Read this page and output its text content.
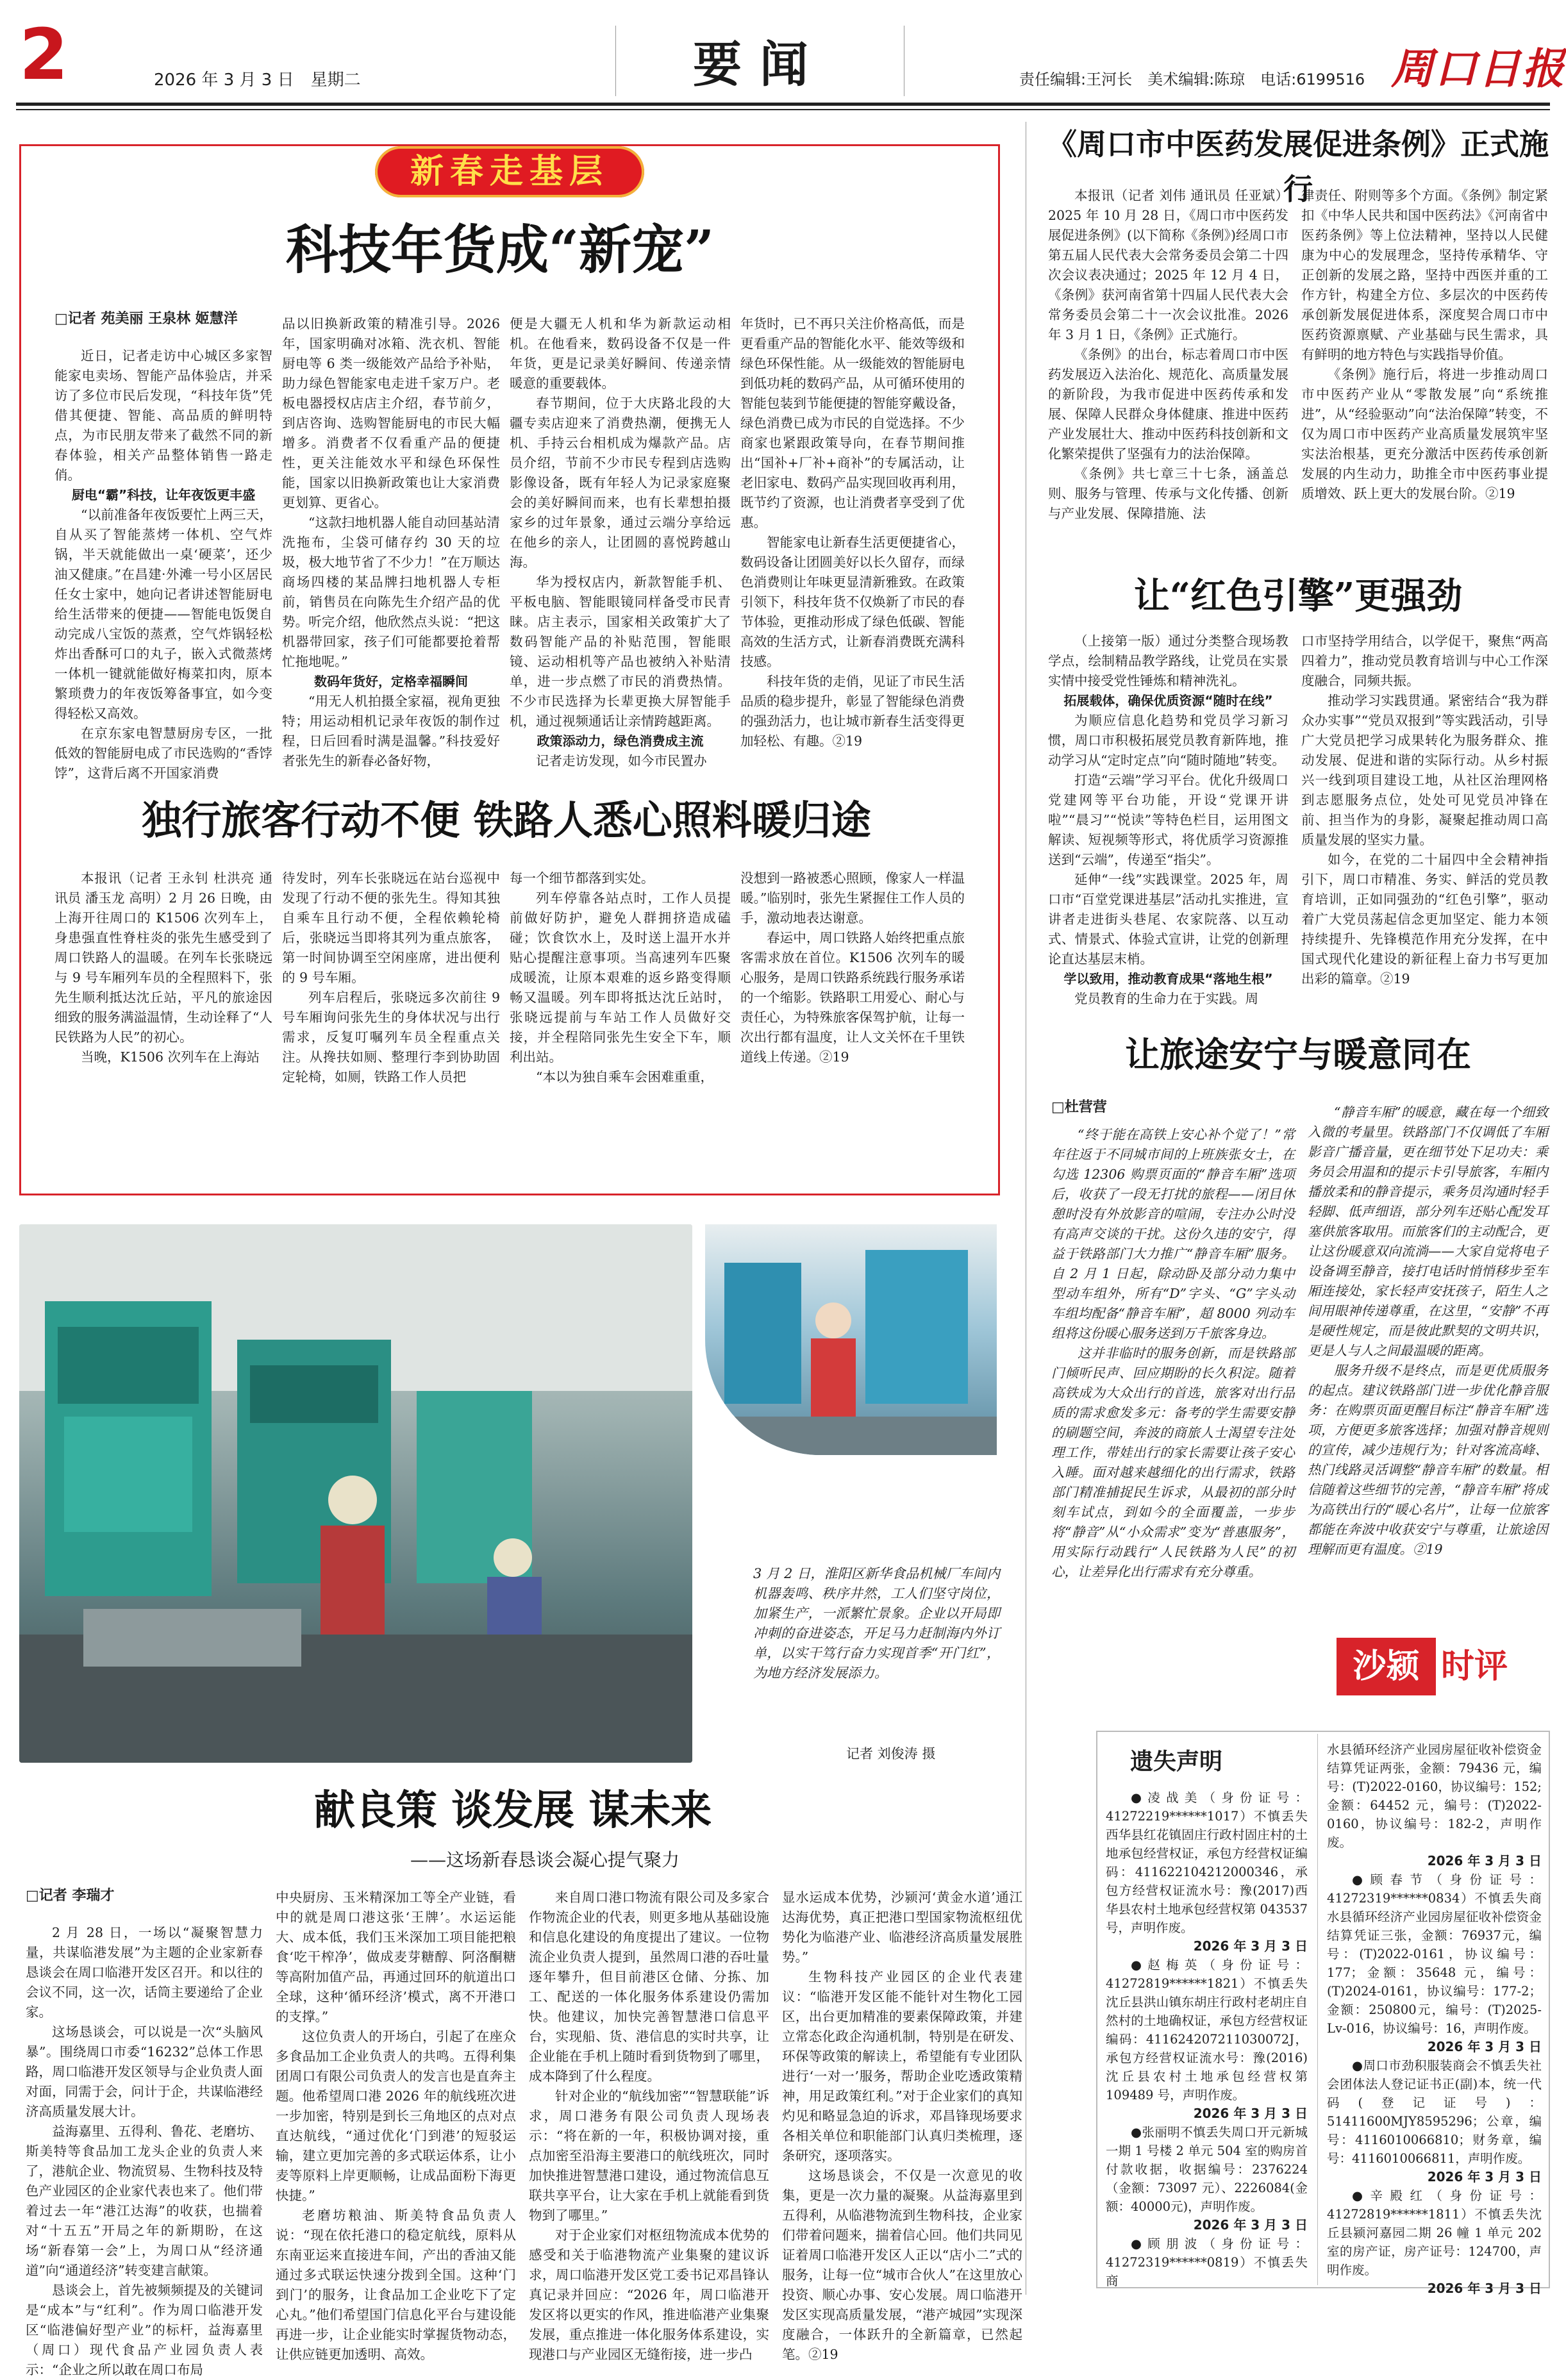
2	2026 年 3 月 3 日　星期二	要闻	责任编辑:王河长　美术编辑:陈琼　电话:6199516 周口日报
新春走基层
科技年货成“新宠”
□记者 苑美丽 王泉林 姬慧洋

近日，记者走访中心城区多家智能家电卖场、智能产品体验店，并采访了多位市民后发现，“科技年货”凭借其便捷、智能、高品质的鲜明特点，为市民朋友带来了截然不同的新春体验，相关产品整体销售一路走俏。

厨电“霸”科技，让年夜饭更丰盛

“以前准备年夜饭要忙上两三天，自从买了智能蒸烤一体机、空气炸锅，半天就能做出一桌‘硬菜’，还少油又健康。”在昌建·外滩一号小区居民任女士家中，她向记者讲述智能厨电给生活带来的便捷——智能电饭煲自动完成八宝饭的蒸煮，空气炸锅轻松炸出香酥可口的丸子，嵌入式微蒸烤一体机一键就能做好梅菜扣肉，原本繁琐费力的年夜饭筹备事宜，如今变得轻松又高效。

在京东家电智慧厨房专区，一批低效的智能厨电成了市民选购的“香饽饽”，这背后离不开国家消费

品以旧换新政策的精准引导。2026年，国家明确对冰箱、洗衣机、智能厨电等 6 类一级能效产品给予补贴，助力绿色智能家电走进千家万户。老板电器授权店店主介绍，春节前夕，到店咨询、选购智能厨电的市民大幅增多。消费者不仅看重产品的便捷性，更关注能效水平和绿色环保性能，国家以旧换新政策也让大家消费更划算、更省心。

“这款扫地机器人能自动回基站清洗拖布，尘袋可储存约 30 天的垃圾，极大地节省了不少力！”在万顺达商场四楼的某品牌扫地机器人专柜前，销售员在向陈先生介绍产品的优势。听完介绍，他欣然点头说：“把这机器带回家，孩子们可能都要抢着帮忙拖地呢。”

数码年货好，定格幸福瞬间

“用无人机拍摄全家福，视角更独特；用运动相机记录年夜饭的制作过程，日后回看时满是温馨。”科技爱好者张先生的新春必备好物，

便是大疆无人机和华为新款运动相机。在他看来，数码设备不仅是一件年货，更是记录美好瞬间、传递亲情暖意的重要载体。

春节期间，位于大庆路北段的大疆专卖店迎来了消费热潮，便携无人机、手持云台相机成为爆款产品。店员介绍，节前不少市民专程到店选购影像设备，既有年轻人为记录家庭聚会的美好瞬间而来，也有长辈想拍摄家乡的过年景象，通过云端分享给远在他乡的亲人，让团圆的喜悦跨越山海。

华为授权店内，新款智能手机、平板电脑、智能眼镜同样备受市民青睐。店主表示，国家相关政策扩大了数码智能产品的补贴范围，智能眼镜、运动相机等产品也被纳入补贴清单，进一步点燃了市民的消费热情。不少市民选择为长辈更换大屏智能手机，通过视频通话让亲情跨越距离。

政策添动力，绿色消费成主流

记者走访发现，如今市民置办

年货时，已不再只关注价格高低，而是更看重产品的智能化水平、能效等级和绿色环保性能。从一级能效的智能厨电到低功耗的数码产品，从可循环使用的智能包装到节能便捷的智能穿戴设备，绿色消费已成为市民的自觉选择。不少商家也紧跟政策导向，在春节期间推出“国补+厂补+商补”的专属活动，让老旧家电、数码产品实现回收再利用，既节约了资源，也让消费者享受到了优惠。

智能家电让新春生活更便捷省心，数码设备让团圆美好以长久留存，而绿色消费则让年味更显清新雅致。在政策引领下，科技年货不仅焕新了市民的春节体验，更推动形成了绿色低碳、智能高效的生活方式，让新春消费既充满科技感。

科技年货的走俏，见证了市民生活品质的稳步提升，彰显了智能绿色消费的强劲活力，也让城市新春生活变得更加轻松、有趣。②19

独行旅客行动不便 铁路人悉心照料暖归途

本报讯（记者 王永钊 杜洪亮 通讯员 潘玉龙 高明）2 月 26 日晚，由上海开往周口的 K1506 次列车上，身患强直性脊柱炎的张先生感受到了周口铁路人的温暖。在列车长张晓远与 9 号车厢列车员的全程照料下，张先生顺利抵达沈丘站，平凡的旅途因细致的服务满溢温情，生动诠释了“人民铁路为人民”的初心。

当晚，K1506 次列车在上海站

待发时，列车长张晓远在站台巡视中发现了行动不便的张先生。得知其独自乘车且行动不便，全程依赖轮椅后，张晓远当即将其列为重点旅客，第一时间协调至空闲座席，进出便利的 9 号车厢。

列车启程后，张晓远多次前往 9 号车厢询问张先生的身体状况与出行需求，反复叮嘱列车员全程重点关注。从搀扶如厕、整理行李到协助固定轮椅，如厕，铁路工作人员把

每一个细节都落到实处。

列车停靠各站点时，工作人员提前做好防护，避免人群拥挤造成磕碰；饮食饮水上，及时送上温开水并贴心提醒注意事项。当高速列车匹聚成暖流，让原本艰难的返乡路变得顺畅又温暖。列车即将抵达沈丘站时，张晓远提前与车站工作人员做好交接，并全程陪同张先生安全下车，顺利出站。

“本以为独自乘车会困难重重，

没想到一路被悉心照顾，像家人一样温暖。”临别时，张先生紧握住工作人员的手，激动地表达谢意。

春运中，周口铁路人始终把重点旅客需求放在首位。K1506 次列车的暖心服务，是周口铁路系统践行服务承诺的一个缩影。铁路职工用爱心、耐心与责任心，为特殊旅客保驾护航，让每一次出行都有温度，让人文关怀在千里铁道线上传递。②19

3 月 2 日，淮阳区新华食品机械厂车间内机器轰鸣、秩序井然，工人们坚守岗位，加紧生产，一派繁忙景象。企业以开局即冲刺的奋进姿态，开足马力赶制海内外订单，以实干笃行奋力实现首季“开门红”，为地方经济发展添力。
记者 刘俊涛 摄
献良策 谈发展 谋未来
——这场新春恳谈会凝心提气聚力
□记者 李瑞才

2 月 28 日，一场以“凝聚智慧力量，共谋临港发展”为主题的企业家新春恳谈会在周口临港开发区召开。和以往的会议不同，这一次，话筒主要递给了企业家。

这场恳谈会，可以说是一次“头脑风暴”。围绕周口市委“16232”总体工作思路，周口临港开发区领导与企业负责人面对面，同需于会，问计于企，共谋临港经济高质量发展大计。

益海嘉里、五得利、鲁花、老磨坊、斯美特等食品加工龙头企业的负责人来了，港航企业、物流贸易、生物科技及特色产业园区的企业家代表也来了。他们带着过去一年“港江达海”的收获，也揣着对“十五五”开局之年的新期盼，在这场“新春第一会”上，为周口从“经济通道”向“通道经济”转变建言献策。

恳谈会上，首先被频频提及的关键词是“成本”与“红利”。作为周口临港开发区“临港偏好型产业”的标杆，益海嘉里（周口）现代食品产业园负责人表示：“企业之所以敢在周口布局

中央厨房、玉米精深加工等全产业链，看中的就是周口港这张‘王牌’。水运运能大、成本低，我们玉米深加工项目能把粮食‘吃干榨净’，做成麦芽糖醇、阿洛酮糖等高附加值产品，再通过回环的航道出口全球，这种‘循环经济’模式，离不开港口的支撑。”

这位负责人的开场白，引起了在座众多食品加工企业负责人的共鸣。五得利集团周口有限公司负责人的发言也是直奔主题。他希望周口港 2026 年的航线班次进一步加密，特别是到长三角地区的点对点直达航线，“通过优化‘门到港’的短驳运输，建立更加完善的多式联运体系，让小麦等原料上岸更顺畅，让成品面粉下海更快捷。”

老磨坊粮油、斯美特食品负责人说：“现在依托港口的稳定航线，原料从东南亚运来直接进车间，产出的香油又能通过多式联运快速分拨到全国。这种‘门到门’的服务，让食品加工企业吃下了定心丸。”他们希望国门信息化平台与建设能再进一步，让企业能实时掌握货物动态，让供应链更加透明、高效。

来自周口港口物流有限公司及多家合作物流企业的代表，则更多地从基础设施和信息化建设的角度提出了建议。一位物流企业负责人提到，虽然周口港的吞吐量逐年攀升，但目前港区仓储、分拣、加工、配送的一体化服务体系建设仍需加快。他建议，加快完善智慧港口信息平台，实现船、货、港信息的实时共享，让企业能在手机上随时看到货物到了哪里，成本降到了什么程度。

针对企业的“航线加密”“智慧联能”诉求，周口港务有限公司负责人现场表示：“将在新的一年，积极协调对接，重点加密至沿海主要港口的航线班次，同时加快推进智慧港口建设，通过物流信息互联共享平台，让大家在手机上就能看到货物到了哪里。”

对于企业家们对枢纽物流成本优势的感受和关于临港物流产业集聚的建议诉求，周口临港开发区党工委书记邓昌锋认真记录并回应：“2026 年，周口临港开发区将以更实的作风，推进临港产业集聚发展，重点推进一体化服务体系建设，实现港口与产业园区无缝衔接，进一步凸

显水运成本优势，沙颍河‘黄金水道’通江达海优势，真正把港口型国家物流枢纽优势化为临港产业、临港经济高质量发展胜势。”

生物科技产业园区的企业代表建议：“临港开发区能不能针对生物化工园区，出台更加精准的要素保障政策，并建立常态化政企沟通机制，特别是在研发、环保等政策的解读上，希望能有专业团队进行‘一对一’服务，帮助企业吃透政策精神，用足政策红利。”对于企业家们的真知灼见和略显急迫的诉求，邓昌锋现场要求各相关单位和职能部门认真归类梳理，逐条研究，逐项落实。

这场恳谈会，不仅是一次意见的收集，更是一次力量的凝聚。从益海嘉里到五得利，从临港物流到生物科技，企业家们带着问题来，揣着信心回。他们共同见证着周口临港开发区人正以“店小二”式的服务，让每一位“城市合伙人”在这里放心投资、顺心办事、安心发展。周口临港开发区实现高质量发展，“港产城园”实现深度融合，一体跃升的全新篇章，已然起笔。②19

《周口市中医药发展促进条例》正式施行

本报讯（记者 刘伟 通讯员 任亚斌）2025 年 10 月 28 日，《周口市中医药发展促进条例》(以下简称《条例》)经周口市第五届人民代表大会常务委员会第二十四次会议表决通过；2025 年 12 月 4 日，《条例》获河南省第十四届人民代表大会常务委员会第二十一次会议批准。2026 年 3 月 1 日，《条例》正式施行。

《条例》的出台，标志着周口市中医药发展迈入法治化、规范化、高质量发展的新阶段，为我市促进中医药传承和发展、保障人民群众身体健康、推进中医药产业发展壮大、推动中医药科技创新和文化繁荣提供了坚强有力的法治保障。

《条例》共七章三十七条，涵盖总则、服务与管理、传承与文化传播、创新与产业发展、保障措施、法

律责任、附则等多个方面。《条例》制定紧扣《中华人民共和国中医药法》《河南省中医药条例》等上位法精神，坚持以人民健康为中心的发展理念，坚持传承精华、守正创新的发展之路，坚持中西医并重的工作方针，构建全方位、多层次的中医药传承创新发展促进体系，深度契合周口市中医药资源禀赋、产业基础与民生需求，具有鲜明的地方特色与实践指导价值。

《条例》施行后，将进一步推动周口市中医药产业从“零散发展”向“系统推进”，从“经验驱动”向“法治保障”转变，不仅为周口市中医药产业高质量发展筑牢坚实法治根基，更充分激活中医药传承创新发展的内生动力，助推全市中医药事业提质增效、跃上更大的发展台阶。②19

让“红色引擎”更强劲

（上接第一版）通过分类整合现场教学点，绘制精品教学路线，让党员在实景实情中接受党性锤炼和精神洗礼。

拓展载体，确保优质资源“随时在线”

为顺应信息化趋势和党员学习新习惯，周口市积极拓展党员教育新阵地，推动学习从“定时定点”向“随时随地”转变。

打造“云端”学习平台。优化升级周口党建网等平台功能，开设“党课开讲啦”“晨习”“悦读”等特色栏目，运用图文解读、短视频等形式，将优质学习资源推送到“云端”，传递至“指尖”。

延伸“一线”实践课堂。2025 年，周口市“百堂党课进基层”活动扎实推进，宣讲者走进街头巷尾、农家院落、以互动式、情景式、体验式宣讲，让党的创新理论直达基层末梢。

学以致用，推动教育成果“落地生根”

党员教育的生命力在于实践。周

口市坚持学用结合，以学促干，聚焦“两高四着力”，推动党员教育培训与中心工作深度融合，同频共振。

推动学习实践贯通。紧密结合“我为群众办实事”“党员双报到”等实践活动，引导广大党员把学习成果转化为服务群众、推动发展、促进和谐的实际行动。从乡村振兴一线到项目建设工地，从社区治理网格到志愿服务点位，处处可见党员冲锋在前、担当作为的身影，凝聚起推动周口高质量发展的坚实力量。

如今，在党的二十届四中全会精神指引下，周口市精准、务实、鲜活的党员教育培训，正如同强劲的“红色引擎”，驱动着广大党员荡起信念更加坚定、能力本领持续提升、先锋模范作用充分发挥，在中国式现代化建设的新征程上奋力书写更加出彩的篇章。②19

让旅途安宁与暖意同在
□杜营营

“终于能在高铁上安心补个觉了！”常年往返于不同城市间的上班族张女士，在勾选 12306 购票页面的“静音车厢”选项后，收获了一段无打扰的旅程——闭目休憩时没有外放影音的喧闹，专注办公时没有高声交谈的干扰。这份久违的安宁，得益于铁路部门大力推广“静音车厢”服务。自 2 月 1 日起，除动卧及部分动力集中型动车组外，所有“D”字头、“G”字头动车组均配备“静音车厢”，超 8000 列动车组将这份暖心服务送到万千旅客身边。

这并非临时的服务创新，而是铁路部门倾听民声、回应期盼的长久积淀。随着高铁成为大众出行的首选，旅客对出行品质的需求愈发多元：备考的学生需要安静的刷题空间，奔波的商旅人士渴望专注处理工作，带娃出行的家长需要让孩子安心入睡。面对越来越细化的出行需求，铁路部门精准捕捉民生诉求，从最初的部分时刻车试点，到如今的全面覆盖，一步步将“静音”从“小众需求”变为“普惠服务”，用实际行动践行“人民铁路为人民”的初心，让差异化出行需求有充分尊重。

“静音车厢”的暖意，藏在每一个细致入微的考量里。铁路部门不仅调低了车厢影音广播音量，更在细节处下足功夫：乘务员会用温和的提示卡引导旅客，车厢内播放柔和的静音提示，乘务员沟通时轻手轻脚、低声细语，部分列车还贴心配发耳塞供旅客取用。而旅客们的主动配合，更让这份暖意双向流淌——大家自觉将电子设备调至静音，接打电话时悄悄移步至车厢连接处，家长轻声安抚孩子，陌生人之间用眼神传递尊重，在这里，“安静”不再是硬性规定，而是彼此默契的文明共识，更是人与人之间最温暖的距离。

服务升级不是终点，而是更优质服务的起点。建议铁路部门进一步优化静音服务：在购票页面更醒目标注“静音车厢”选项，方便更多旅客选择；加强对静音规则的宣传，减少违规行为；针对客流高峰、热门线路灵活调整“静音车厢”的数量。相信随着这些细节的完善，“静音车厢”将成为高铁出行的“暖心名片”，让每一位旅客都能在奔波中收获安宁与尊重，让旅途因理解而更有温度。②19

沙颍 时评
遗失声明

●凌战美（身份证号：41272219******1017）不慎丢失西华县红花镇固庄行政村固庄村的土地承包经营权证，承包方经营权证编码：411622104212000346，承包方经营权证流水号：豫(2017)西华县农村土地承包经营权第 043537 号，声明作废。

2026 年 3 月 3 日

●赵梅英（身份证号：41272819******1821）不慎丢失沈丘县洪山镇东胡庄行政村老胡庄自然村的土地确权证，承包方经营权证编码：411624207211030072J，承包方经营权证流水号：豫(2016)沈丘县农村土地承包经营权第 109489 号，声明作废。

2026 年 3 月 3 日

●张丽明不慎丢失周口开元新城一期 1 号楼 2 单元 504 室的购房首付款收据，收据编号：2376224（金额：73097 元）、2226084(金额：40000元)，声明作废。

2026 年 3 月 3 日

●顾朋波（身份证号：41272319******0819）不慎丢失商

水县循环经济产业园房屋征收补偿资金结算凭证两张，金额：79436 元，编号：(T)2022-0160，协议编号：152;金额：64452 元，编号：(T)2022-0160，协议编号：182-2，声明作废。

2026 年 3 月 3 日

●顾春节（身份证号：41272319******0834）不慎丢失商水县循环经济产业园房屋征收补偿资金结算凭证三张，金额：76937元，编号：(T)2022-0161，协议编号：177；金额：35648 元，编号：(T)2024-0161，协议编号：177-2；金额：250800元，编号：(T)2025-Lv-016，协议编号：16，声明作废。

2026 年 3 月 3 日

●周口市劲积服装商会不慎丢失社会团体法人登记证书正(副)本，统一代码(登记证号)：51411600MJY8595296；公章，编号：4116010066810；财务章，编号：4116010066811，声明作废。

2026 年 3 月 3 日

●辛殿红（身份证号：41272819******1811）不慎丢失沈丘县颍河嘉园二期 26 幢 1 单元 202 室的房产证，房产证号：124700，声明作废。

2026 年 3 月 3 日
